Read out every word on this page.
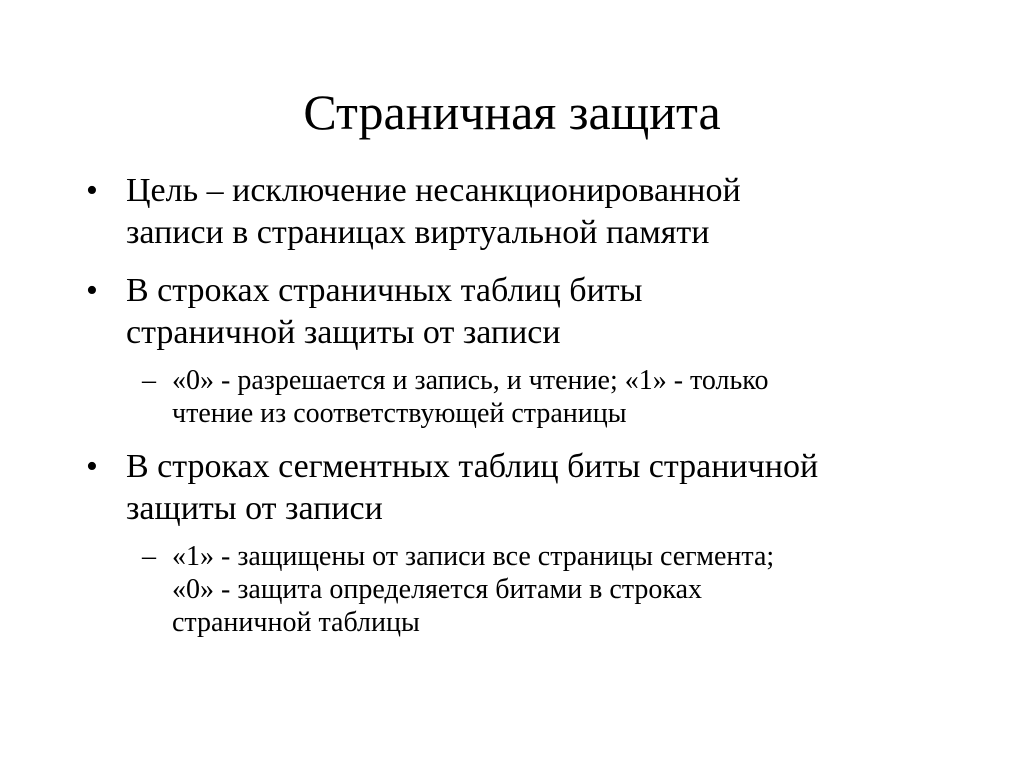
Страничная защита
• Цель – исключение несанкционированной
записи в страницах виртуальной памяти
• В строках страничных таблиц биты
страничной защиты от записи
– «0» - разрешается и запись, и чтение; «1» - только
чтение из соответствующей страницы
• В строках сегментных таблиц биты страничной
защиты от записи
– «1» - защищены от записи все страницы сегмента;
«0» - защита определяется битами в строках
страничной таблицы
